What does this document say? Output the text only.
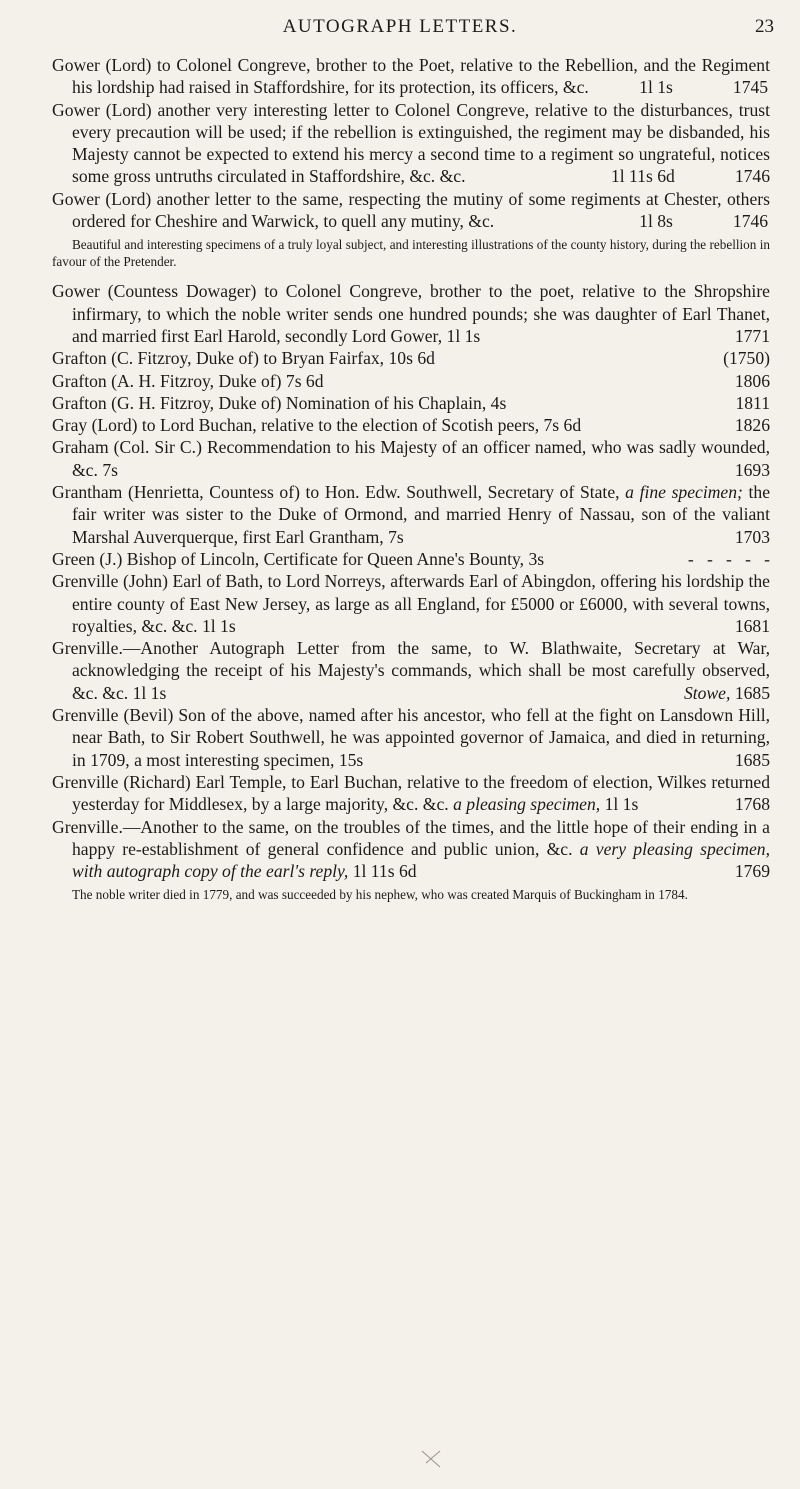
AUTOGRAPH LETTERS.	23

Gower (Lord) to Colonel Congreve, brother to the Poet, relative to the Rebellion, and the Regiment his lordship had raised in Staffordshire, for its protection, its officers, &c.	1l 1s	1745

Gower (Lord) another very interesting letter to Colonel Congreve, relative to the disturbances, trust every precaution will be used; if the rebellion is extinguished, the regiment may be disbanded, his Majesty cannot be expected to extend his mercy a second time to a regiment so ungrateful, notices some gross untruths circulated in Staffordshire, &c. &c.	1l 11s 6d	1746

Gower (Lord) another letter to the same, respecting the mutiny of some regiments at Chester, others ordered for Cheshire and Warwick, to quell any mutiny, &c.	1l 8s	1746

Beautiful and interesting specimens of a truly loyal subject, and interesting illustrations of the county history, during the rebellion in favour of the Pretender.

Gower (Countess Dowager) to Colonel Congreve, brother to the poet, relative to the Shropshire infirmary, to which the noble writer sends one hundred pounds; she was daughter of Earl Thanet, and married first Earl Harold, secondly Lord Gower, 1l 1s	1771

Grafton (C. Fitzroy, Duke of) to Bryan Fairfax, 10s 6d	(1750)

Grafton (A. H. Fitzroy, Duke of) 7s 6d	1806

Grafton (G. H. Fitzroy, Duke of) Nomination of his Chaplain, 4s	1811

Gray (Lord) to Lord Buchan, relative to the election of Scotish peers, 7s 6d	1826

Graham (Col. Sir C.) Recommendation to his Majesty of an officer named, who was sadly wounded, &c. 7s	1693

Grantham (Henrietta, Countess of) to Hon. Edw. Southwell, Secretary of State, a fine specimen; the fair writer was sister to the Duke of Ormond, and married Henry of Nassau, son of the valiant Marshal Auverquerque, first Earl Grantham, 7s	1703

Green (J.) Bishop of Lincoln, Certificate for Queen Anne's Bounty, 3s	-   -   -   -   -

Grenville (John) Earl of Bath, to Lord Norreys, afterwards Earl of Abingdon, offering his lordship the entire county of East New Jersey, as large as all England, for £5000 or £6000, with several towns, royalties, &c. &c. 1l 1s	1681

Grenville.—Another Autograph Letter from the same, to W. Blathwaite, Secretary at War, acknowledging the receipt of his Majesty's commands, which shall be most carefully observed, &c. &c. 1l 1s	Stowe, 1685

Grenville (Bevil) Son of the above, named after his ancestor, who fell at the fight on Lansdown Hill, near Bath, to Sir Robert Southwell, he was appointed governor of Jamaica, and died in returning, in 1709, a most interesting specimen, 15s	1685

Grenville (Richard) Earl Temple, to Earl Buchan, relative to the freedom of election, Wilkes returned yesterday for Middlesex, by a large majority, &c. &c. a pleasing specimen, 1l 1s	1768

Grenville.—Another to the same, on the troubles of the times, and the little hope of their ending in a happy re-establishment of general confidence and public union, &c. a very pleasing specimen, with autograph copy of the earl's reply, 1l 11s 6d	1769

The noble writer died in 1779, and was succeeded by his nephew, who was created Marquis of Buckingham in 1784.
